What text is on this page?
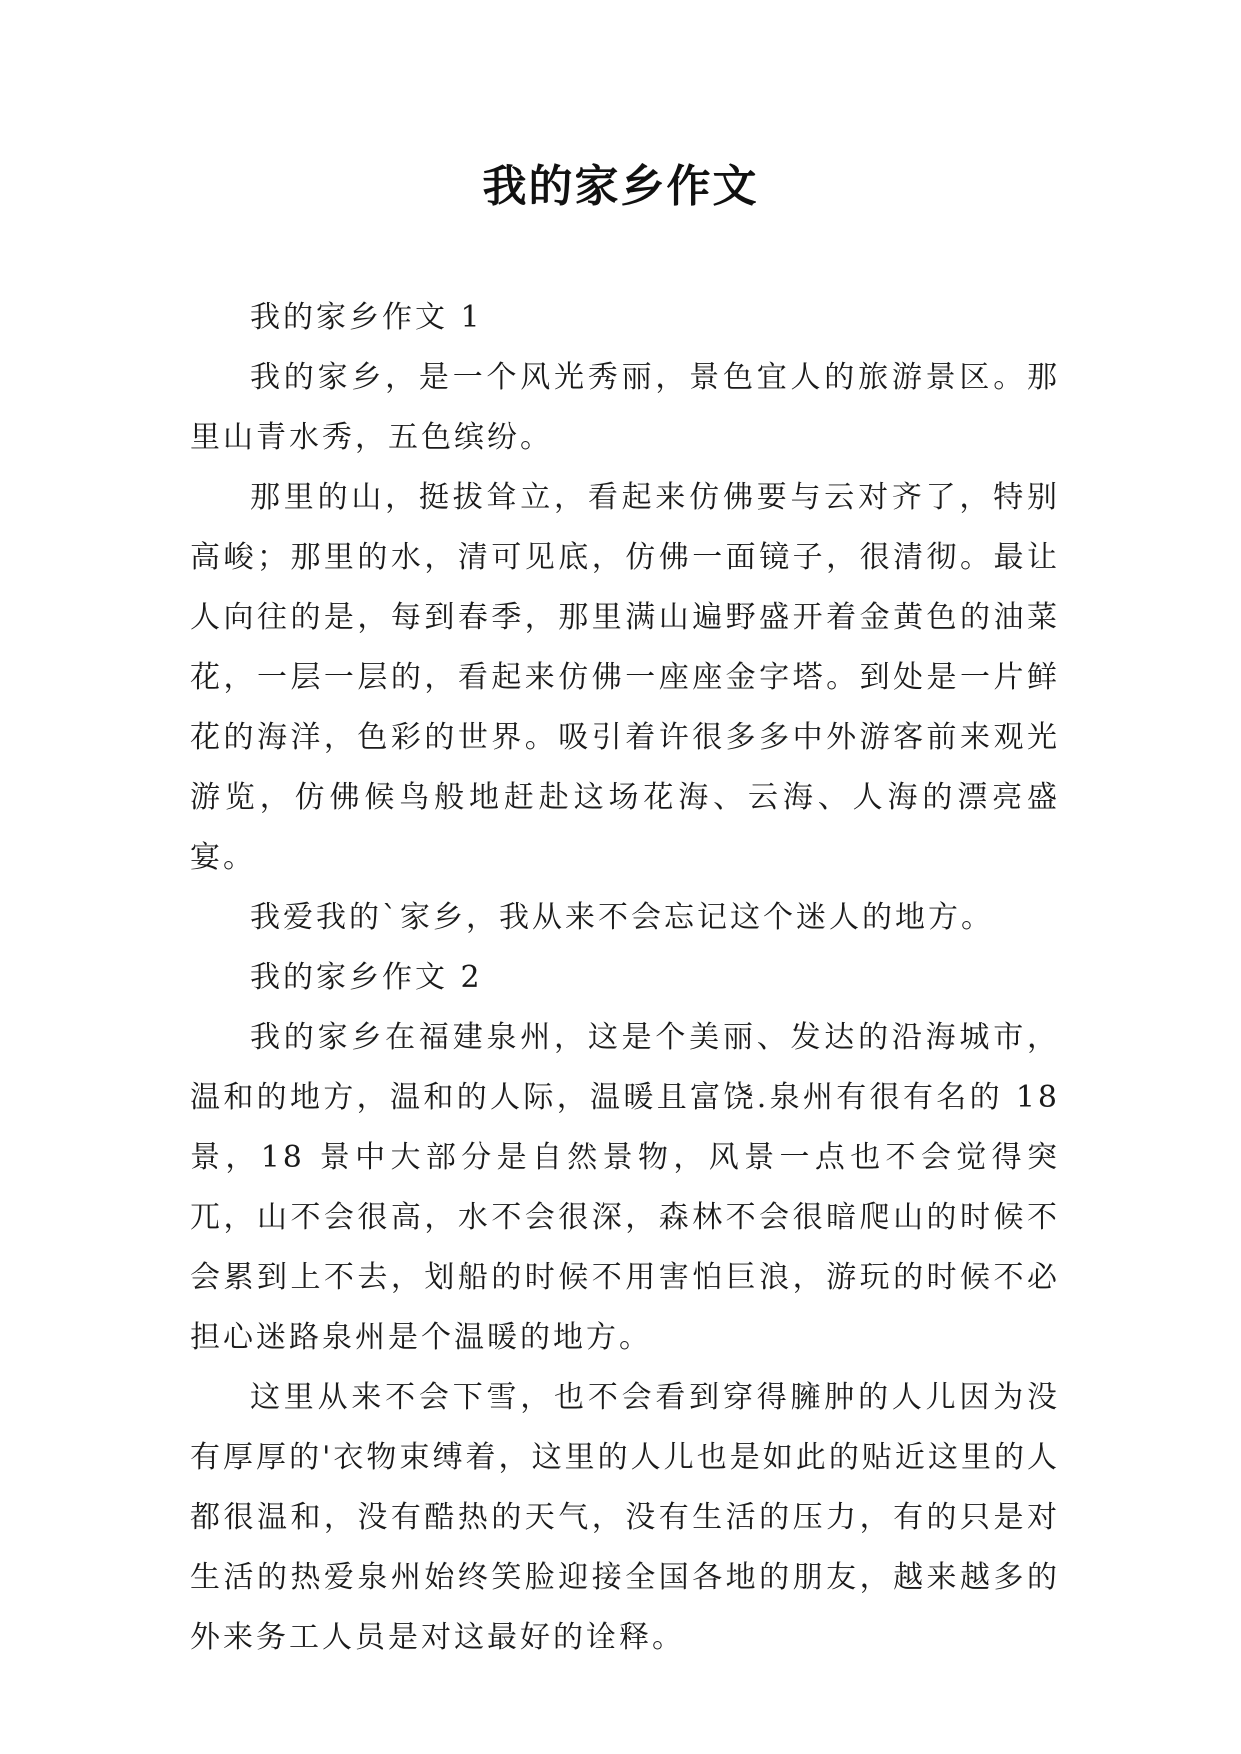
我的家乡作文

我的家乡作文 1

我的家乡，是一个风光秀丽，景色宜人的旅游景区。那里山青水秀，五色缤纷。

那里的山，挺拔耸立，看起来仿佛要与云对齐了，特别高峻；那里的水，清可见底，仿佛一面镜子，很清彻。最让人向往的是，每到春季，那里满山遍野盛开着金黄色的油菜花，一层一层的，看起来仿佛一座座金字塔。到处是一片鲜花的海洋，色彩的世界。吸引着许很多多中外游客前来观光游览，仿佛候鸟般地赶赴这场花海、云海、人海的漂亮盛宴。

我爱我的`家乡，我从来不会忘记这个迷人的地方。

我的家乡作文 2

我的家乡在福建泉州，这是个美丽、发达的沿海城市，温和的地方，温和的人际，温暖且富饶.泉州有很有名的 18 景，18 景中大部分是自然景物，风景一点也不会觉得突兀，山不会很高，水不会很深，森林不会很暗爬山的时候不会累到上不去，划船的时候不用害怕巨浪，游玩的时候不必担心迷路泉州是个温暖的地方。

这里从来不会下雪，也不会看到穿得臃肿的人儿因为没有厚厚的'衣物束缚着，这里的人儿也是如此的贴近这里的人都很温和，没有酷热的天气，没有生活的压力，有的只是对生活的热爱泉州始终笑脸迎接全国各地的朋友，越来越多的外来务工人员是对这最好的诠释。
